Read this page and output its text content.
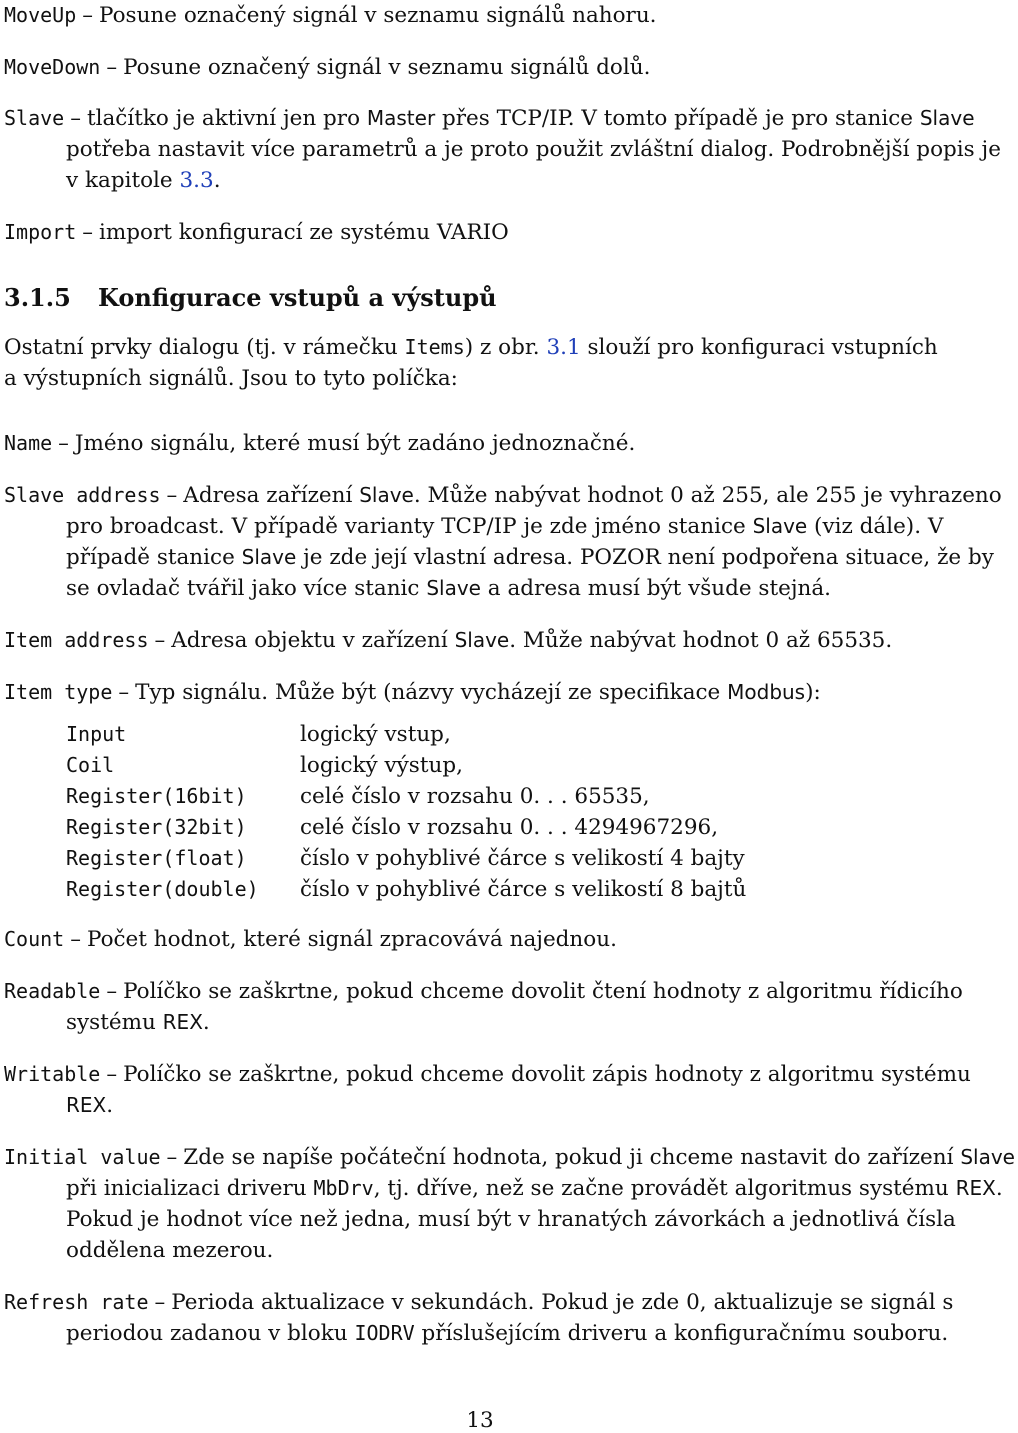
MoveUp – Posune označený signál v seznamu signálů nahoru.

MoveDown – Posune označený signál v seznamu signálů dolů.

Slave – tlačítko je aktivní jen pro Master přes TCP/IP. V tomto případě je pro stanice Slave potřeba nastavit více parametrů a je proto použit zvláštní dialog. Podrobnější popis je v kapitole 3.3.

Import – import konfigurací ze systému VARIO

3.1.5 Konfigurace vstupů a výstupů

Ostatní prvky dialogu (tj. v rámečku Items) z obr. 3.1 slouží pro konfiguraci vstupních a výstupních signálů. Jsou to tyto políčka:

Name – Jméno signálu, které musí být zadáno jednoznačné.

Slave address – Adresa zařízení Slave. Může nabývat hodnot 0 až 255, ale 255 je vyhrazeno pro broadcast. V případě varianty TCP/IP je zde jméno stanice Slave (viz dále). V případě stanice Slave je zde její vlastní adresa. POZOR není podpořena situace, že by se ovladač tvářil jako více stanic Slave a adresa musí být všude stejná.

Item address – Adresa objektu v zařízení Slave. Může nabývat hodnot 0 až 65535.

Item type – Typ signálu. Může být (názvy vycházejí ze specifikace Modbus):

Input	logický vstup,
Coil	logický výstup,
Register(16bit)	celé číslo v rozsahu 0. . . 65535,
Register(32bit)	celé číslo v rozsahu 0. . . 4294967296,
Register(float)	číslo v pohyblivé čárce s velikostí 4 bajty
Register(double)	číslo v pohyblivé čárce s velikostí 8 bajtů

Count – Počet hodnot, které signál zpracovává najednou.

Readable – Políčko se zaškrtne, pokud chceme dovolit čtení hodnoty z algoritmu řídicího systému REX.

Writable – Políčko se zaškrtne, pokud chceme dovolit zápis hodnoty z algoritmu systému REX.

Initial value – Zde se napíše počáteční hodnota, pokud ji chceme nastavit do zařízení Slave při inicializaci driveru MbDrv, tj. dříve, než se začne provádět algoritmus systému REX. Pokud je hodnot více než jedna, musí být v hranatých závorkách a jednotlivá čísla oddělena mezerou.

Refresh rate – Perioda aktualizace v sekundách. Pokud je zde 0, aktualizuje se signál s periodou zadanou v bloku IODRV příslušejícím driveru a konfiguračnímu souboru.

13
